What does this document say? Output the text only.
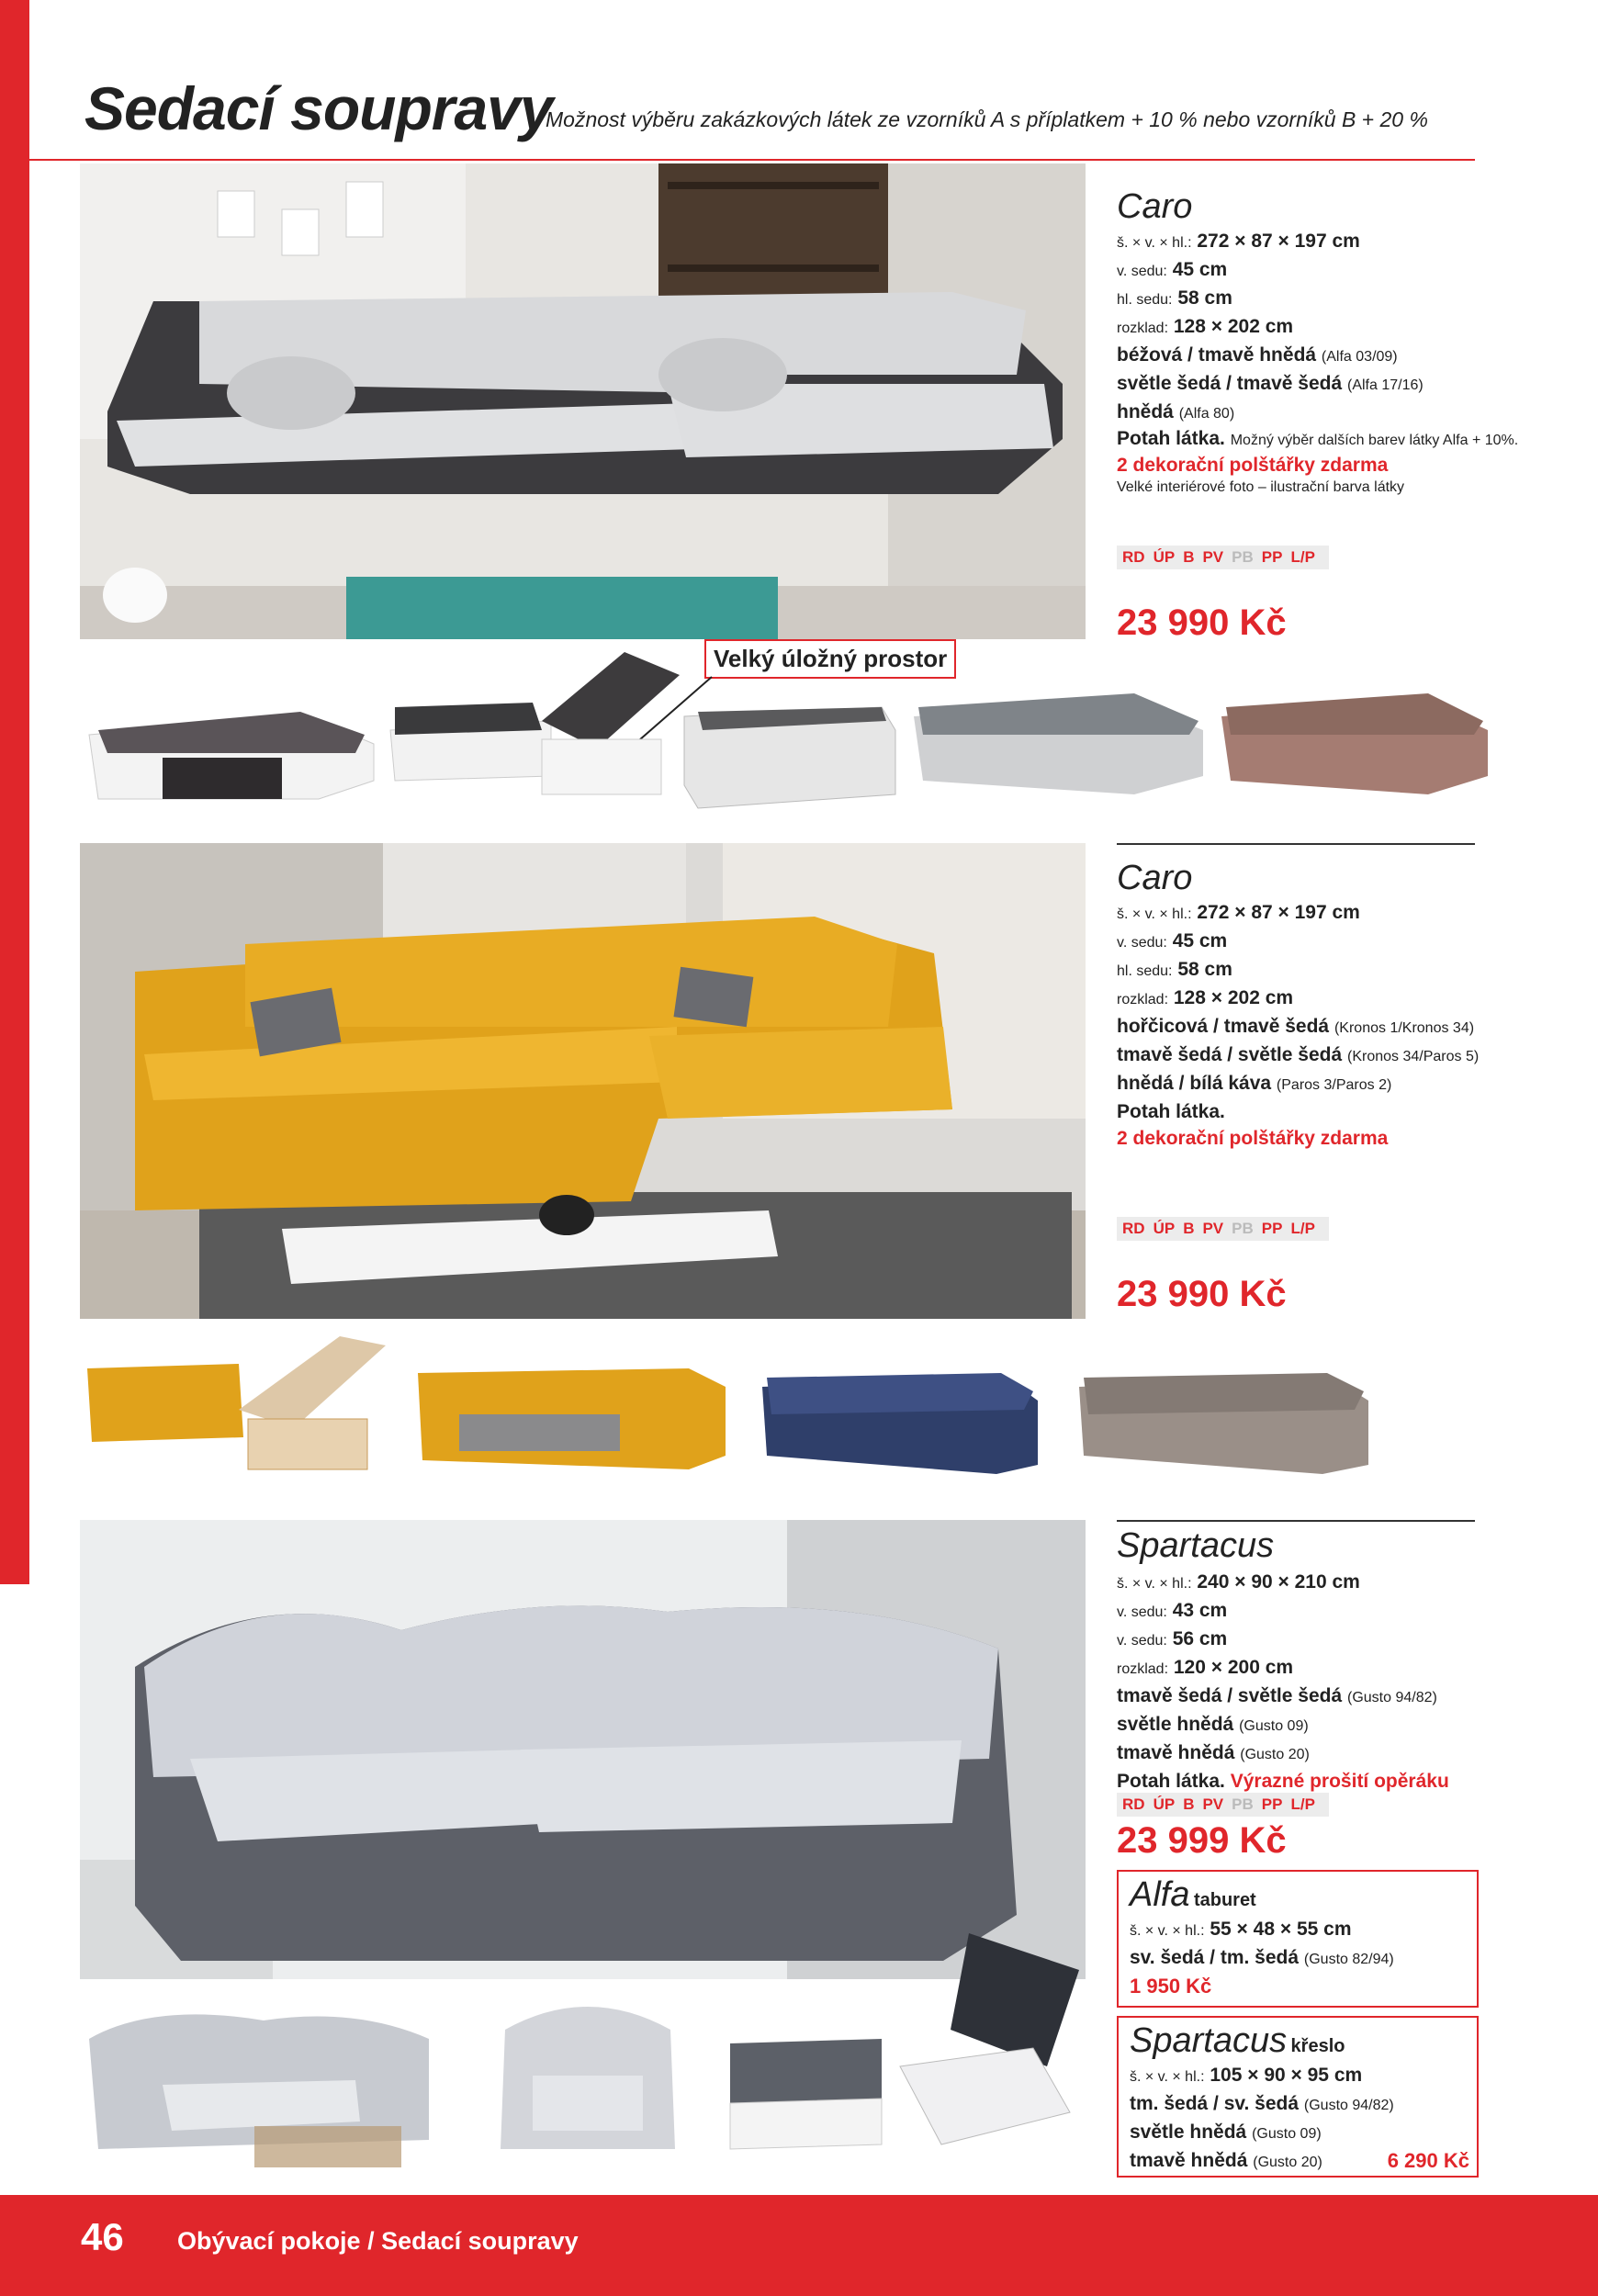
Sedací soupravy
Možnost výběru zakázkových látek ze vzorníků A s příplatkem + 10 % nebo vzorníků B + 20 %
Caro
š. × v. × hl.: 272 × 87 × 197 cm
v. sedu: 45 cm
hl. sedu: 58 cm
rozklad: 128 × 202 cm
béžová / tmavě hnědá (Alfa 03/09)
světle šedá / tmavě šedá (Alfa 17/16)
hnědá (Alfa 80)
Potah látka. Možný výběr dalších barev látky Alfa + 10%.
2 dekorační polštářky zdarma
Velké interiérové foto – ilustrační barva látky
RD ÚP B PV PB PP L/P
23 990 Kč
Velký úložný prostor
Caro
š. × v. × hl.: 272 × 87 × 197 cm
v. sedu: 45 cm
hl. sedu: 58 cm
rozklad: 128 × 202 cm
hořčicová / tmavě šedá (Kronos 1/Kronos 34)
tmavě šedá / světle šedá (Kronos 34/Paros 5)
hnědá / bílá káva (Paros 3/Paros 2)
Potah látka.
2 dekorační polštářky zdarma
RD ÚP B PV PB PP L/P
23 990 Kč
Spartacus
š. × v. × hl.: 240 × 90 × 210 cm
v. sedu: 43 cm
v. sedu: 56 cm
rozklad: 120 × 200 cm
tmavě šedá / světle šedá (Gusto 94/82)
světle hnědá (Gusto 09)
tmavě hnědá (Gusto 20)
Potah látka. Výrazné prošití opěráku
RD ÚP B PV PB PP L/P
23 999 Kč
Alfa taburet
š. × v. × hl.: 55 × 48 × 55 cm
sv. šedá / tm. šedá (Gusto 82/94)
1 950 Kč
Spartacus křeslo
š. × v. × hl.: 105 × 90 × 95 cm
tm. šedá / sv. šedá (Gusto 94/82)
světle hnědá (Gusto 09)
tmavě hnědá (Gusto 20)	6 290 Kč
46 Obývací pokoje / Sedací soupravy
